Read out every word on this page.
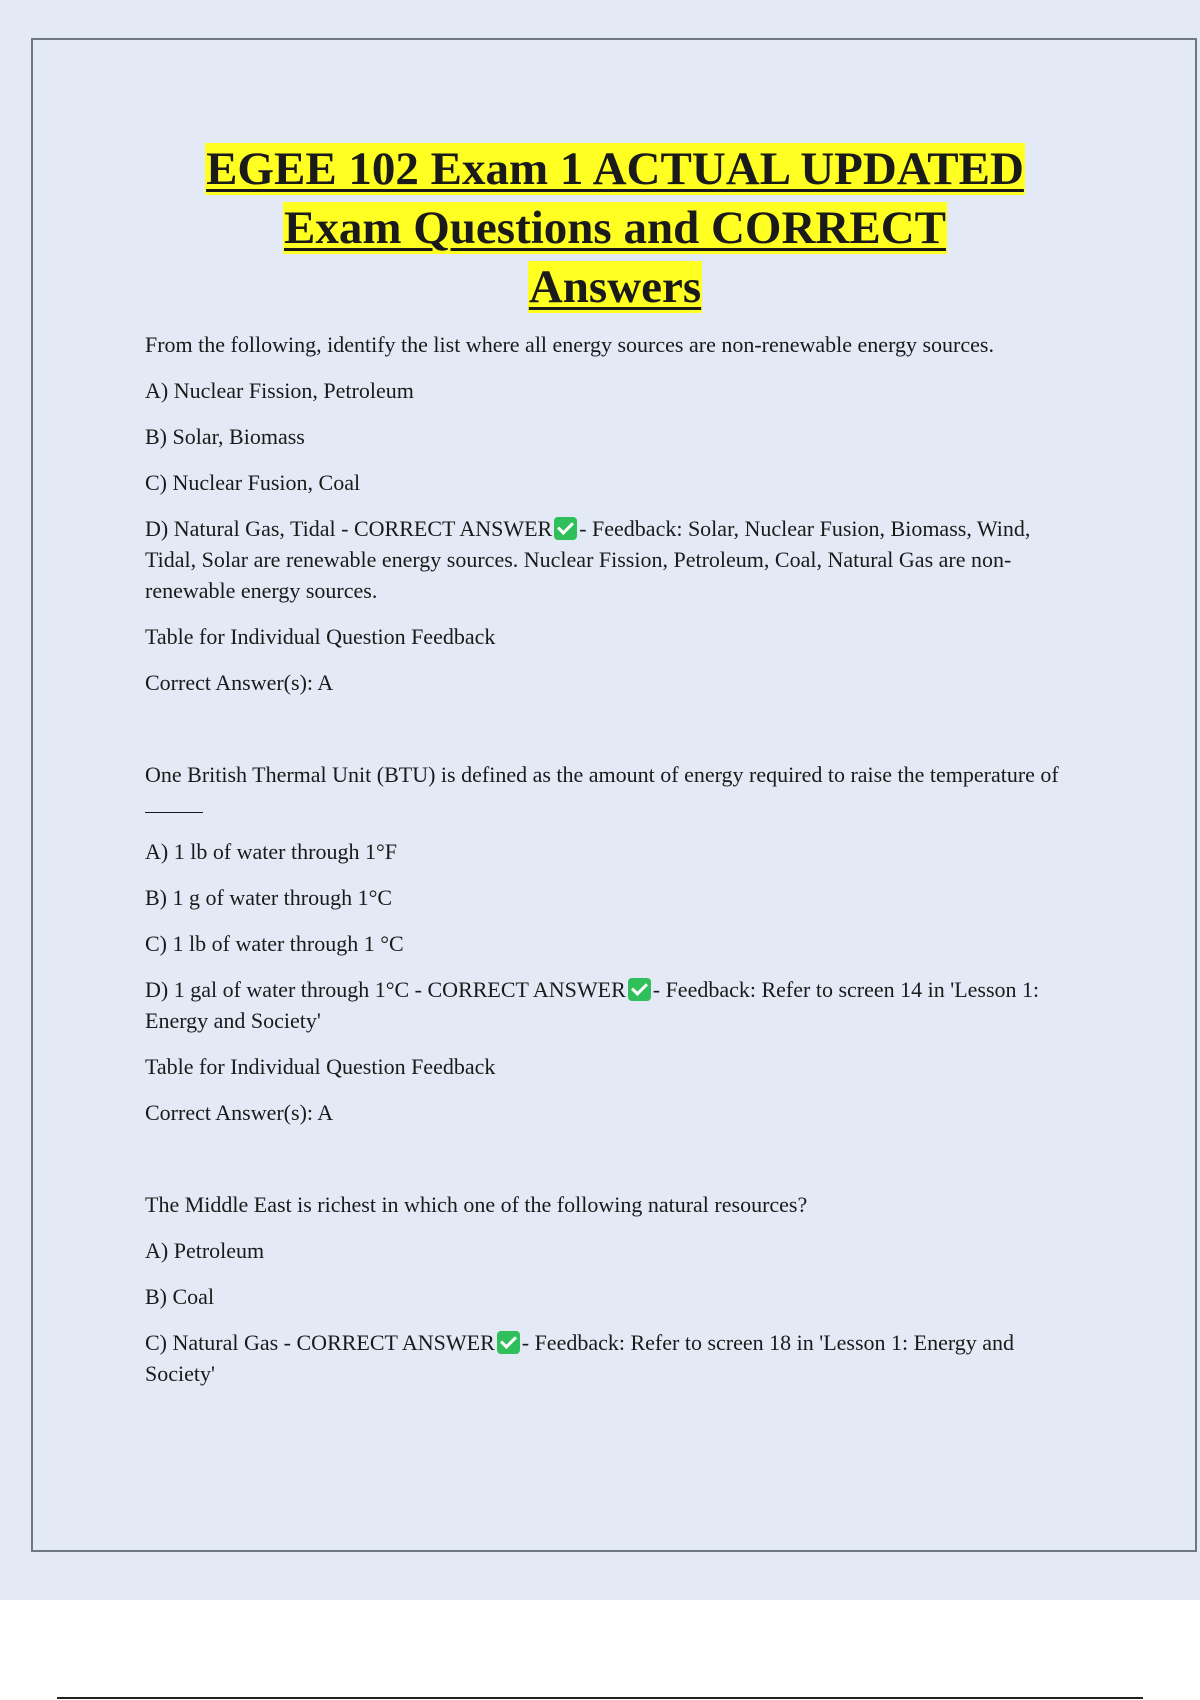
EGEE 102 Exam 1 ACTUAL UPDATED
Exam Questions and CORRECT
Answers

From the following, identify the list where all energy sources are non-renewable energy sources.

A) Nuclear Fission, Petroleum

B) Solar, Biomass

C) Nuclear Fusion, Coal

D) Natural Gas, Tidal - CORRECT ANSWER - Feedback: Solar, Nuclear Fusion, Biomass, Wind, Tidal, Solar are renewable energy sources. Nuclear Fission, Petroleum, Coal, Natural Gas are non-renewable energy sources.

Table for Individual Question Feedback

Correct Answer(s): A

One British Thermal Unit (BTU) is defined as the amount of energy required to raise the temperature of

A) 1 lb of water through 1°F

B) 1 g of water through 1°C

C) 1 lb of water through 1 °C

D) 1 gal of water through 1°C - CORRECT ANSWER - Feedback: Refer to screen 14 in 'Lesson 1: Energy and Society'

Table for Individual Question Feedback

Correct Answer(s): A

The Middle East is richest in which one of the following natural resources?

A) Petroleum

B) Coal

C) Natural Gas - CORRECT ANSWER - Feedback: Refer to screen 18 in 'Lesson 1: Energy and Society'
